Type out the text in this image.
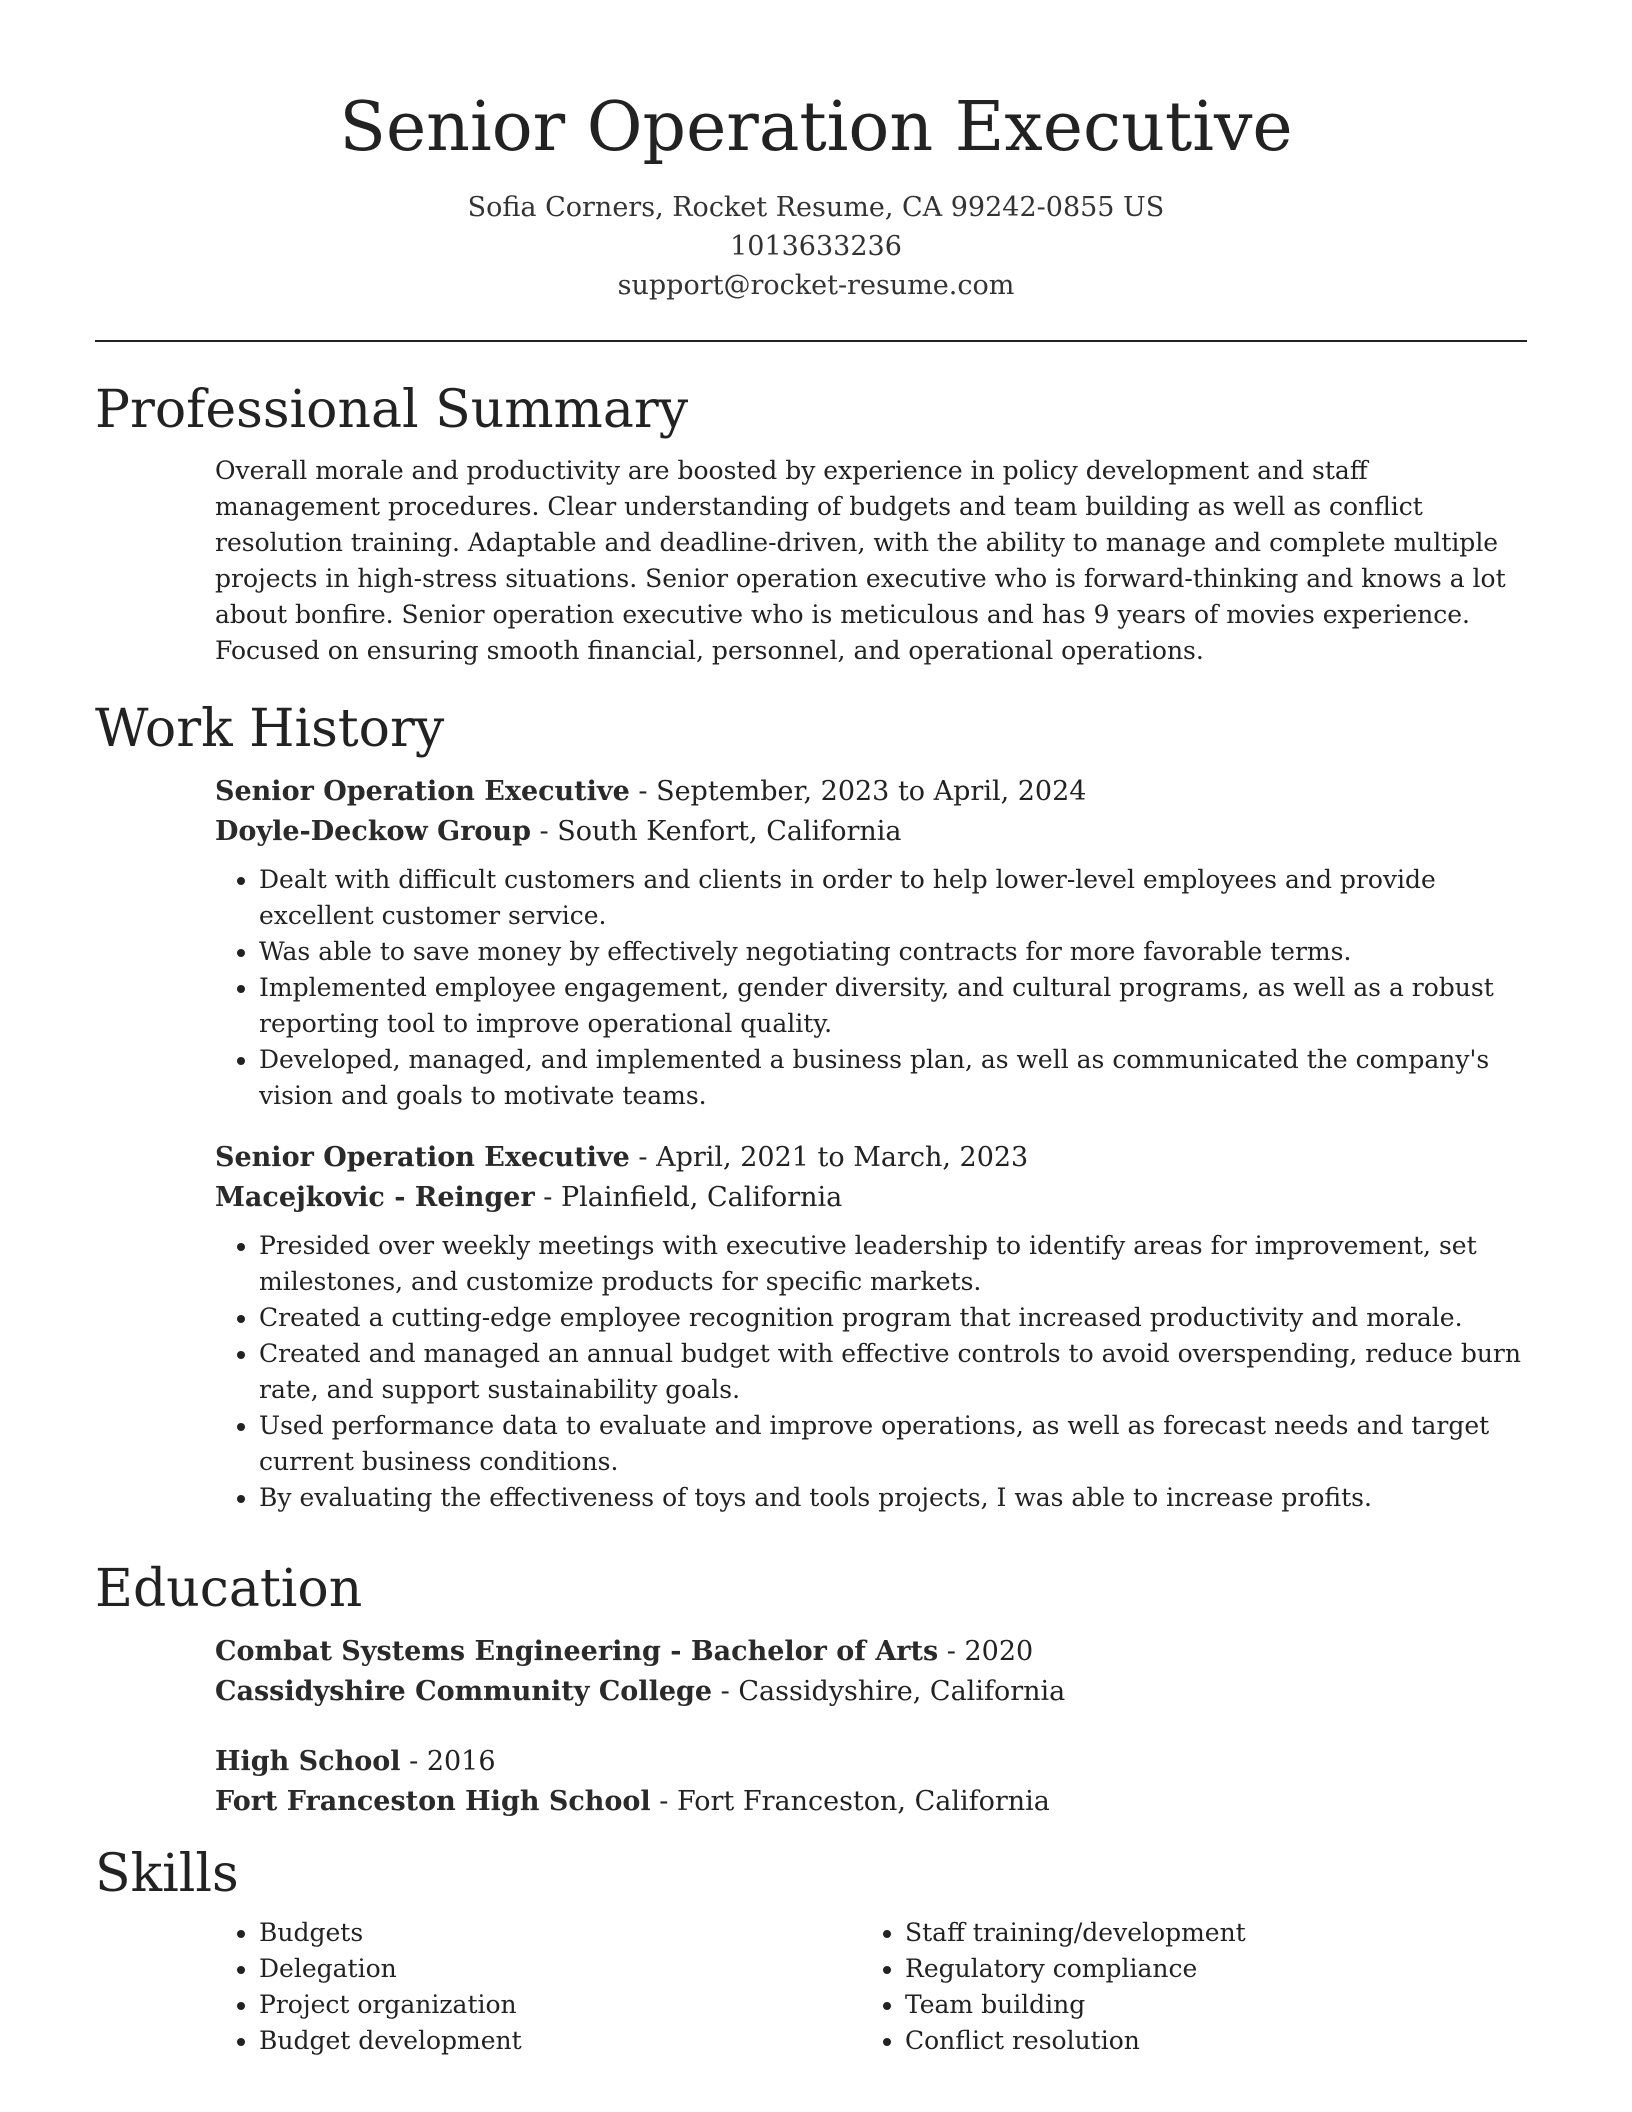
Senior Operation Executive
Sofia Corners, Rocket Resume, CA 99242-0855 US
1013633236
support@rocket-resume.com
Professional Summary
Overall morale and productivity are boosted by experience in policy development and staff management procedures. Clear understanding of budgets and team building as well as conflict resolution training. Adaptable and deadline-driven, with the ability to manage and complete multiple projects in high-stress situations. Senior operation executive who is forward-thinking and knows a lot about bonfire. Senior operation executive who is meticulous and has 9 years of movies experience. Focused on ensuring smooth financial, personnel, and operational operations.
Work History
Senior Operation Executive - September, 2023 to April, 2024
Doyle-Deckow Group - South Kenfort, California
• Dealt with difficult customers and clients in order to help lower-level employees and provide excellent customer service.
• Was able to save money by effectively negotiating contracts for more favorable terms.
• Implemented employee engagement, gender diversity, and cultural programs, as well as a robust reporting tool to improve operational quality.
• Developed, managed, and implemented a business plan, as well as communicated the company's vision and goals to motivate teams.
Senior Operation Executive - April, 2021 to March, 2023
Macejkovic - Reinger - Plainfield, California
• Presided over weekly meetings with executive leadership to identify areas for improvement, set milestones, and customize products for specific markets.
• Created a cutting-edge employee recognition program that increased productivity and morale.
• Created and managed an annual budget with effective controls to avoid overspending, reduce burn rate, and support sustainability goals.
• Used performance data to evaluate and improve operations, as well as forecast needs and target current business conditions.
• By evaluating the effectiveness of toys and tools projects, I was able to increase profits.
Education
Combat Systems Engineering - Bachelor of Arts - 2020
Cassidyshire Community College - Cassidyshire, California
High School - 2016
Fort Franceston High School - Fort Franceston, California
Skills
• Budgets
• Delegation
• Project organization
• Budget development
• Staff training/development
• Regulatory compliance
• Team building
• Conflict resolution
